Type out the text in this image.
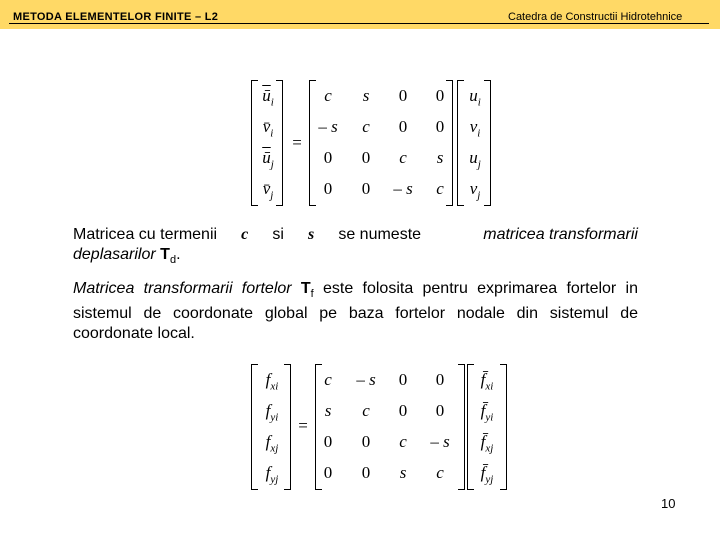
METODA ELEMENTELOR FINITE – L2	Catedra de Constructii Hidrotehnice
$\overline{ū}_i$
$v̄_i$
$\overline{ū}_j$
$v̄_j$
=
c	s	0	0
– s	c	0	0
0	0	c	s
0	0	– s	c
$u_i$
$v_i$
$u_j$
$v_j$
Matricea cu termenii c si s se numeste	matricea transformarii
deplasarilor $T_d$.
Matricea transformarii fortelor $T_f$ este folosita pentru exprimarea fortelor in sistemul de coordonate global pe baza fortelor nodale din sistemul de coordonate local.
$f_{xi}$
$f_{yi}$
$f_{xj}$
$f_{yj}$
=
c	– s	0	0
s	c	0	0
0	0	c	– s
0	0	s	c
$f̄_{xi}$
$f̄_{yi}$
$f̄_{xj}$
$f̄_{yj}$
10
